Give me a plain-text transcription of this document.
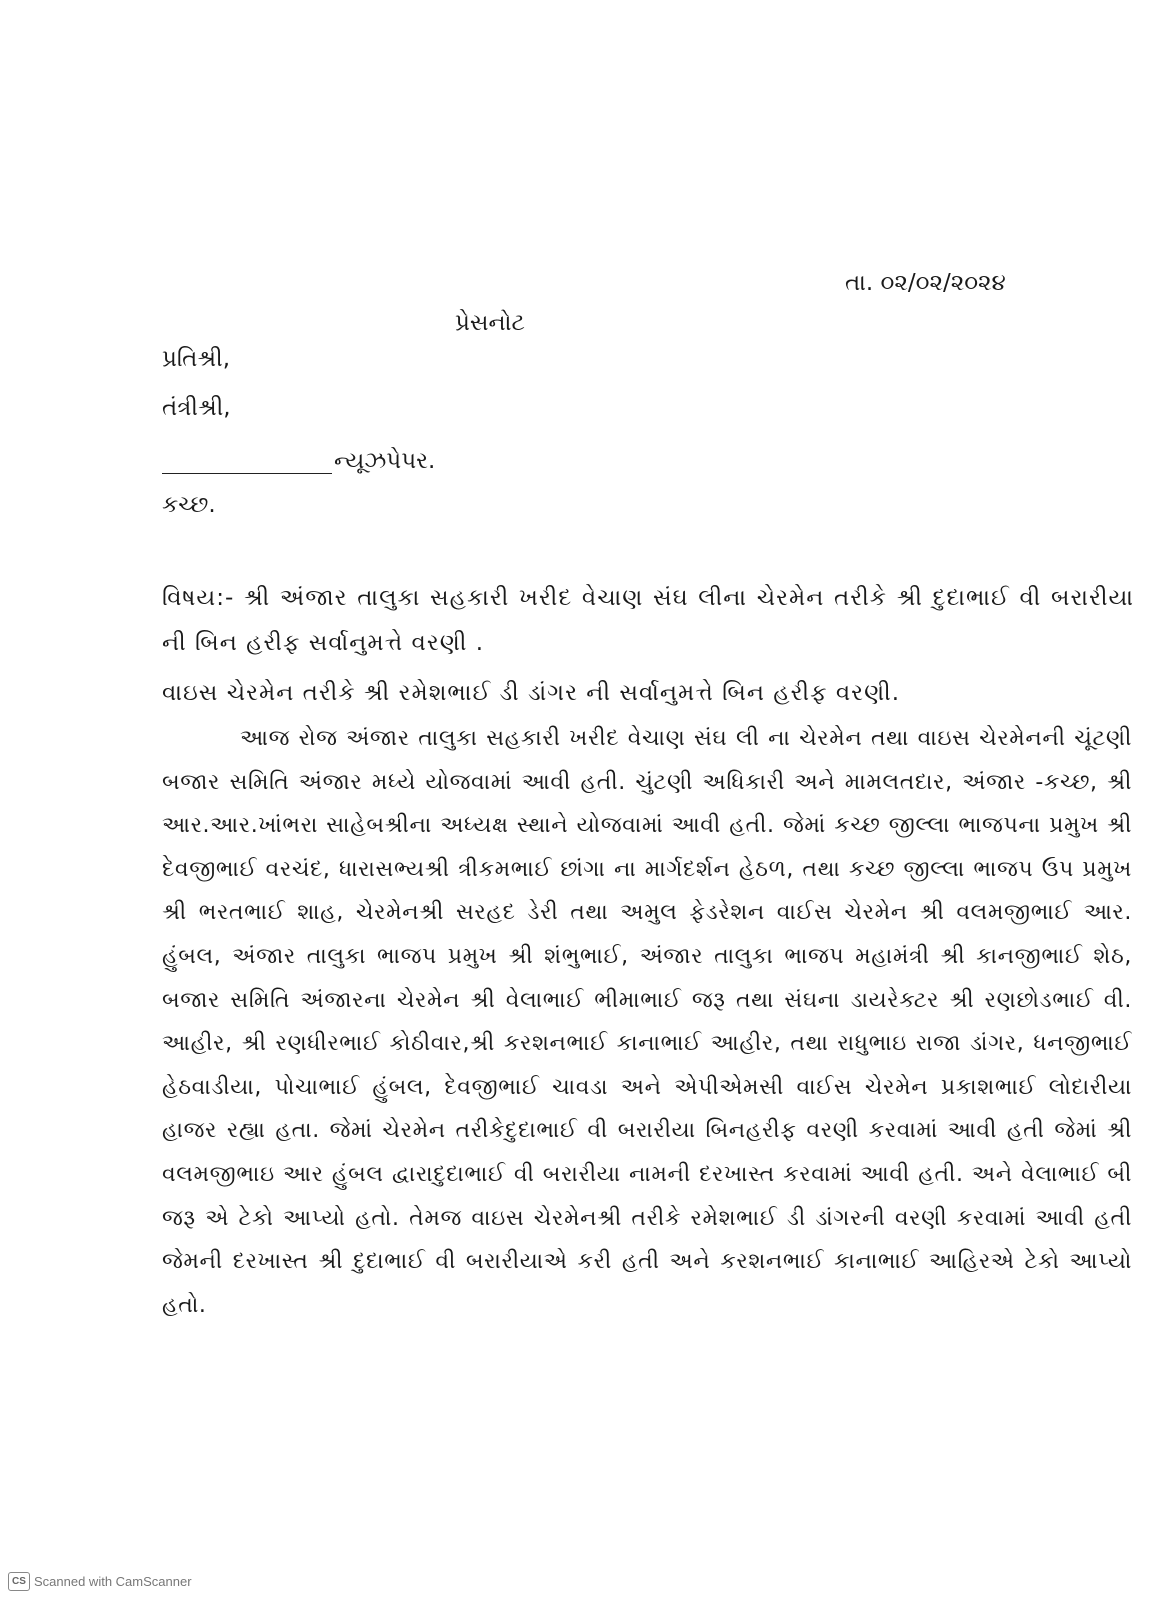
તા. ૦૨/૦૨/૨૦૨૪
પ્રેસનોટ
પ્રતિશ્રી,
તંત્રીશ્રી,
ન્યૂઝપેપર.
કચ્છ.
વિષય:- શ્રી અંજાર તાલુકા સહકારી ખરીદ વેચાણ સંઘ લીના ચેરમેન તરીકે શ્રી દુદાભાઈ વી બરારીયા ની બિન હરીફ સર્વાનુમત્તે વરણી .
વાઇસ ચેરમેન તરીકે શ્રી રમેશભાઈ ડી ડાંગર ની સર્વાનુમત્તે બિન હરીફ વરણી.
આજ રોજ અંજાર તાલુકા સહકારી ખરીદ વેચાણ સંઘ લી ના ચેરમેન તથા વાઇસ ચેરમેનની ચૂંટણી બજાર સમિતિ અંજાર મધ્યે યોજવામાં આવી હતી. ચુંટણી અધિકારી અને મામલતદાર, અંજાર -કચ્છ, શ્રી આર.આર.ખાંભરા સાહેબશ્રીના અધ્યક્ષ સ્થાને યોજવામાં આવી હતી. જેમાં કચ્છ જીલ્લા ભાજપના પ્રમુખ શ્રી દેવજીભાઈ વરચંદ, ધારાસભ્યશ્રી ત્રીકમભાઈ છાંગા ના માર્ગદર્શન હેઠળ, તથા કચ્છ જીલ્લા ભાજપ ઉપ પ્રમુખ શ્રી ભરતભાઈ શાહ, ચેરમેનશ્રી સરહદ ડેરી તથા અમુલ ફેડરેશન વાઈસ ચેરમેન શ્રી વલમજીભાઈ આર. હુંબલ, અંજાર તાલુકા ભાજપ પ્રમુખ શ્રી શંભુભાઈ, અંજાર તાલુકા ભાજપ મહામંત્રી શ્રી કાનજીભાઈ શેઠ, બજાર સમિતિ અંજારના ચેરમેન શ્રી વેલાભાઈ ભીમાભાઈ જરૂ તથા સંઘના ડાયરેક્ટર શ્રી રણછોડભાઈ વી. આહીર, શ્રી રણધીરભાઈ કોઠીવાર,શ્રી કરશનભાઈ કાનાભાઈ આહીર, તથા રાધુભાઇ રાજા ડાંગર, ધનજીભાઈ હેઠવાડીયા, પોચાભાઈ હુંબલ, દેવજીભાઈ ચાવડા અને એપીએમસી વાઈસ ચેરમેન પ્રકાશભાઈ લોદારીયા હાજર રહ્યા હતા. જેમાં ચેરમેન તરીકેદુદાભાઈ વી બરારીયા બિનહરીફ વરણી કરવામાં આવી હતી જેમાં શ્રી વલમજીભાઇ આર હુંબલ દ્વારાદુદાભાઈ વી બરારીયા નામની દરખાસ્ત કરવામાં આવી હતી. અને વેલાભાઈ બી જરૂ એ ટેકો આપ્યો હતો. તેમજ વાઇસ ચેરમેનશ્રી તરીકે રમેશભાઈ ડી ડાંગરની વરણી કરવામાં આવી હતી જેમની દરખાસ્ત શ્રી દુદાભાઈ વી બરારીયાએ કરી હતી અને કરશનભાઈ કાનાભાઈ આહિરએ ટેકો આપ્યો હતો.
CS Scanned with CamScanner
